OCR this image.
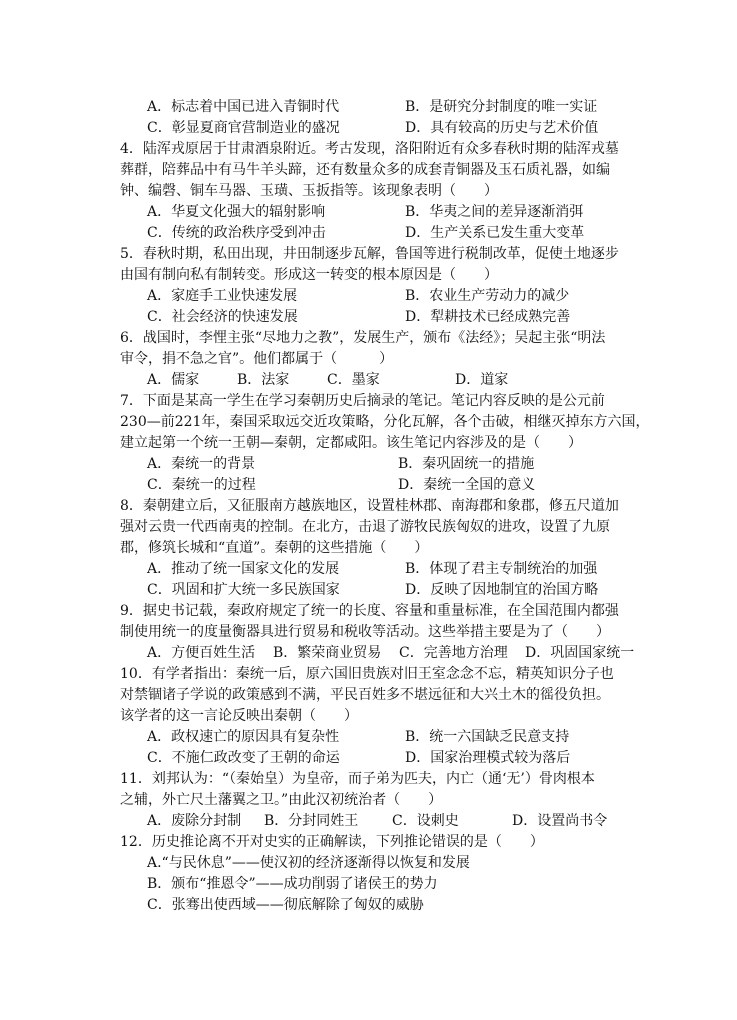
A．标志着中国已进入青铜时代	B．是研究分封制度的唯一实证
C．彰显夏商官营制造业的盛况	D．具有较高的历史与艺术价值
4．陆浑戎原居于甘肃酒泉附近。考古发现，洛阳附近有众多春秋时期的陆浑戎墓
葬群，陪葬品中有马牛羊头蹄，还有数量众多的成套青铜器及玉石质礼器，如编
钟、编磬、铜车马器、玉璜、玉扳指等。该现象表明（　　）
A．华夏文化强大的辐射影响	B．华夷之间的差异逐渐消弭
C．传统的政治秩序受到冲击	D．生产关系已发生重大变革
5．春秋时期，私田出现，井田制逐步瓦解，鲁国等进行税制改革，促使土地逐步
由国有制向私有制转变。形成这一转变的根本原因是（　　）
A．家庭手工业快速发展	B．农业生产劳动力的减少
C．社会经济的快速发展	D．犁耕技术已经成熟完善
6．战国时，李悝主张“尽地力之教”，发展生产，颁布《法经》；吴起主张“明法
审令，捐不急之官”。他们都属于（　　　）
A．儒家	B．法家	C．墨家	D．道家
7．下面是某高一学生在学习秦朝历史后摘录的笔记。笔记内容反映的是公元前
230—前221年，秦国采取远交近攻策略，分化瓦解，各个击破，相继灭掉东方六国，
建立起第一个统一王朝—秦朝，定都咸阳。该生笔记内容涉及的是（　　）
A．秦统一的背景	B．秦巩固统一的措施
C．秦统一的过程	D．秦统一全国的意义
8．秦朝建立后，又征服南方越族地区，设置桂林郡、南海郡和象郡，修五尺道加
强对云贵一代西南夷的控制。在北方，击退了游牧民族匈奴的进攻，设置了九原
郡，修筑长城和“直道”。秦朝的这些措施（　　）
A．推动了统一国家文化的发展	B．体现了君主专制统治的加强
C．巩固和扩大统一多民族国家	D．反映了因地制宜的治国方略
9．据史书记载，秦政府规定了统一的长度、容量和重量标准，在全国范围内都强
制使用统一的度量衡器具进行贸易和税收等活动。这些举措主要是为了（　　）
A．方便百姓生活 B．繁荣商业贸易 C．完善地方治理 D．巩固国家统一
10．有学者指出：秦统一后，原六国旧贵族对旧王室念念不忘，精英知识分子也
对禁锢诸子学说的政策感到不满，平民百姓多不堪远征和大兴土木的徭役负担。
该学者的这一言论反映出秦朝（　　）
A．政权速亡的原因具有复杂性	B．统一六国缺乏民意支持
C．不施仁政改变了王朝的命运	D．国家治理模式较为落后
11．刘邦认为：“（秦始皇）为皇帝，而子弟为匹夫，内亡（通‘无’）骨肉根本
之辅，外亡尺土藩翼之卫。”由此汉初统治者（　　）
A．废除分封制 B．分封同姓王 C．设刺史	D．设置尚书令
12．历史推论离不开对史实的正确解读，下列推论错误的是（　　）
A.“与民休息”——使汉初的经济逐渐得以恢复和发展
B．颁布“推恩令”——成功削弱了诸侯王的势力
C．张骞出使西域——彻底解除了匈奴的威胁
